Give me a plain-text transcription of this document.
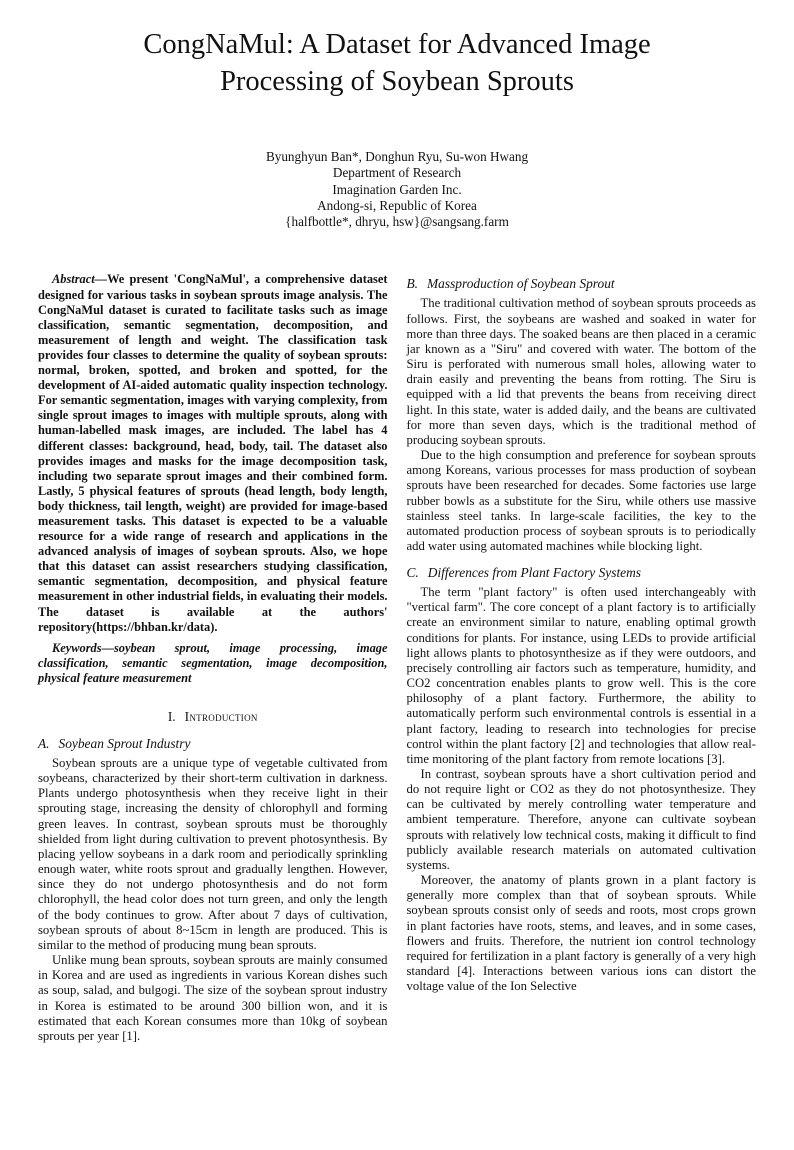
CongNaMul: A Dataset for Advanced Image Processing of Soybean Sprouts
Byunghyun Ban*, Donghun Ryu, Su-won Hwang
Department of Research
Imagination Garden Inc.
Andong-si, Republic of Korea
{halfbottle*, dhryu, hsw}@sangsang.farm

Abstract—We present 'CongNaMul', a comprehensive dataset designed for various tasks in soybean sprouts image analysis. The CongNaMul dataset is curated to facilitate tasks such as image classification, semantic segmentation, decomposition, and measurement of length and weight. The classification task provides four classes to determine the quality of soybean sprouts: normal, broken, spotted, and broken and spotted, for the development of AI-aided automatic quality inspection technology. For semantic segmentation, images with varying complexity, from single sprout images to images with multiple sprouts, along with human-labelled mask images, are included. The label has 4 different classes: background, head, body, tail. The dataset also provides images and masks for the image decomposition task, including two separate sprout images and their combined form. Lastly, 5 physical features of sprouts (head length, body length, body thickness, tail length, weight) are provided for image-based measurement tasks. This dataset is expected to be a valuable resource for a wide range of research and applications in the advanced analysis of images of soybean sprouts. Also, we hope that this dataset can assist researchers studying classification, semantic segmentation, decomposition, and physical feature measurement in other industrial fields, in evaluating their models. The dataset is available at the authors' repository(https://bhban.kr/data).

Keywords—soybean sprout, image processing, image classification, semantic segmentation, image decomposition, physical feature measurement

I. Introduction
A. Soybean Sprout Industry

Soybean sprouts are a unique type of vegetable cultivated from soybeans, characterized by their short-term cultivation in darkness. Plants undergo photosynthesis when they receive light in their sprouting stage, increasing the density of chlorophyll and forming green leaves. In contrast, soybean sprouts must be thoroughly shielded from light during cultivation to prevent photosynthesis. By placing yellow soybeans in a dark room and periodically sprinkling enough water, white roots sprout and gradually lengthen. However, since they do not undergo photosynthesis and do not form chlorophyll, the head color does not turn green, and only the length of the body continues to grow. After about 7 days of cultivation, soybean sprouts of about 8~15cm in length are produced. This is similar to the method of producing mung bean sprouts.

Unlike mung bean sprouts, soybean sprouts are mainly consumed in Korea and are used as ingredients in various Korean dishes such as soup, salad, and bulgogi. The size of the soybean sprout industry in Korea is estimated to be around 300 billion won, and it is estimated that each Korean consumes more than 10kg of soybean sprouts per year [1].

B. Massproduction of Soybean Sprout

The traditional cultivation method of soybean sprouts proceeds as follows. First, the soybeans are washed and soaked in water for more than three days. The soaked beans are then placed in a ceramic jar known as a "Siru" and covered with water. The bottom of the Siru is perforated with numerous small holes, allowing water to drain easily and preventing the beans from rotting. The Siru is equipped with a lid that prevents the beans from receiving direct light. In this state, water is added daily, and the beans are cultivated for more than seven days, which is the traditional method of producing soybean sprouts.

Due to the high consumption and preference for soybean sprouts among Koreans, various processes for mass production of soybean sprouts have been researched for decades. Some factories use large rubber bowls as a substitute for the Siru, while others use massive stainless steel tanks. In large-scale facilities, the key to the automated production process of soybean sprouts is to periodically add water using automated machines while blocking light.

C. Differences from Plant Factory Systems

The term "plant factory" is often used interchangeably with "vertical farm". The core concept of a plant factory is to artificially create an environment similar to nature, enabling optimal growth conditions for plants. For instance, using LEDs to provide artificial light allows plants to photosynthesize as if they were outdoors, and precisely controlling air factors such as temperature, humidity, and CO2 concentration enables plants to grow well. This is the core philosophy of a plant factory. Furthermore, the ability to automatically perform such environmental controls is essential in a plant factory, leading to research into technologies for precise control within the plant factory [2] and technologies that allow real-time monitoring of the plant factory from remote locations [3].

In contrast, soybean sprouts have a short cultivation period and do not require light or CO2 as they do not photosynthesize. They can be cultivated by merely controlling water temperature and ambient temperature. Therefore, anyone can cultivate soybean sprouts with relatively low technical costs, making it difficult to find publicly available research materials on automated cultivation systems.

Moreover, the anatomy of plants grown in a plant factory is generally more complex than that of soybean sprouts. While soybean sprouts consist only of seeds and roots, most crops grown in plant factories have roots, stems, and leaves, and in some cases, flowers and fruits. Therefore, the nutrient ion control technology required for fertilization in a plant factory is generally of a very high standard [4]. Interactions between various ions can distort the voltage value of the Ion Selective
